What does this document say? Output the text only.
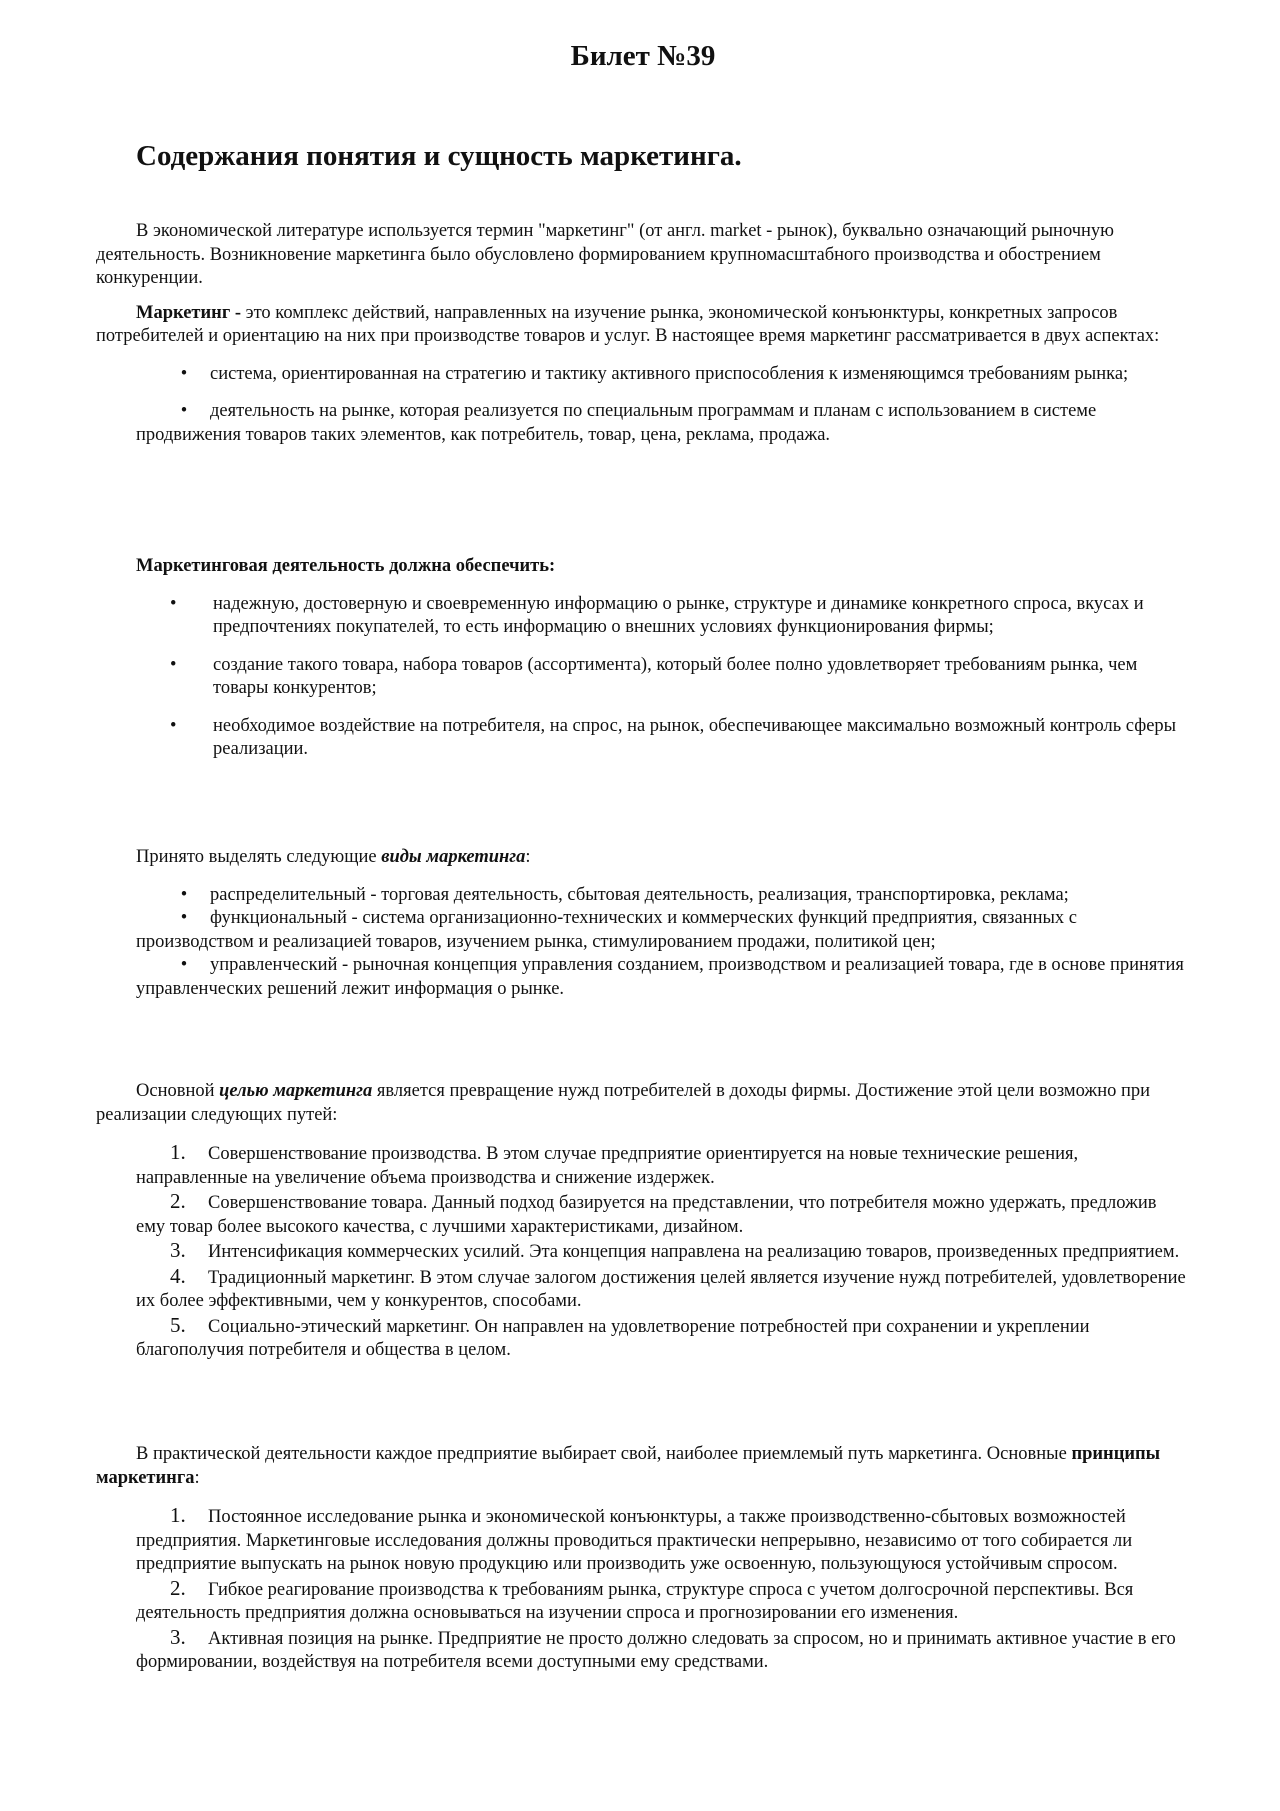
Билет №39
Содержания понятия и сущность маркетинга.

В экономической литературе используется термин "маркетинг" (от англ. market - рынок), буквально означающий рыночную деятельность. Возникновение маркетинга было обусловлено формированием крупномасштабного производства и обострением конкуренции.

Маркетинг - это комплекс действий, направленных на изучение рынка, экономической конъюнктуры, конкретных запросов потребителей и ориентацию на них при производстве товаров и услуг. В настоящее время маркетинг рассматривается в двух аспектах:

• система, ориентированная на стратегию и тактику активного приспособления к изменяющимся требованиям рынка;

• деятельность на рынке, которая реализуется по специальным программам и планам с использованием в системе продвижения товаров таких элементов, как потребитель, товар, цена, реклама, продажа.

Маркетинговая деятельность должна обеспечить:

• надежную, достоверную и своевременную информацию о рынке, структуре и динамике конкретного спроса, вкусах и предпочтениях покупателей, то есть информацию о внешних условиях функционирования фирмы;
• создание такого товара, набора товаров (ассортимента), который более полно удовлетворяет требованиям рынка, чем товары конкурентов;
• необходимое воздействие на потребителя, на спрос, на рынок, обеспечивающее максимально возможный контроль сферы реализации.

Принято выделять следующие виды маркетинга:

• распределительный - торговая деятельность, сбытовая деятельность, реализация, транспортировка, реклама;

• функциональный - система организационно-технических и коммерческих функций предприятия, связанных с производством и реализацией товаров, изучением рынка, стимулированием продажи, политикой цен;

• управленческий - рыночная концепция управления созданием, производством и реализацией товара, где в основе принятия управленческих решений лежит информация о рынке.

Основной целью маркетинга является превращение нужд потребителей в доходы фирмы. Достижение этой цели возможно при реализации следующих путей:

1. Совершенствование производства. В этом случае предприятие ориентируется на новые технические решения, направленные на увеличение объема производства и снижение издержек.

2. Совершенствование товара. Данный подход базируется на представлении, что потребителя можно удержать, предложив ему товар более высокого качества, с лучшими характеристиками, дизайном.

3. Интенсификация коммерческих усилий. Эта концепция направлена на реализацию товаров, произведенных предприятием.

4. Традиционный маркетинг. В этом случае залогом достижения целей является изучение нужд потребителей, удовлетворение их более эффективными, чем у конкурентов, способами.

5. Социально-этический маркетинг. Он направлен на удовлетворение потребностей при сохранении и укреплении благополучия потребителя и общества в целом.

В практической деятельности каждое предприятие выбирает свой, наиболее приемлемый путь маркетинга. Основные принципы маркетинга:

1. Постоянное исследование рынка и экономической конъюнктуры, а также производственно-сбытовых возможностей предприятия. Маркетинговые исследования должны проводиться практически непрерывно, независимо от того собирается ли предприятие выпускать на рынок новую продукцию или производить уже освоенную, пользующуюся устойчивым спросом.

2. Гибкое реагирование производства к требованиям рынка, структуре спроса с учетом долгосрочной перспективы. Вся деятельность предприятия должна основываться на изучении спроса и прогнозировании его изменения.

3. Активная позиция на рынке. Предприятие не просто должно следовать за спросом, но и принимать активное участие в его формировании, воздействуя на потребителя всеми доступными ему средствами.
